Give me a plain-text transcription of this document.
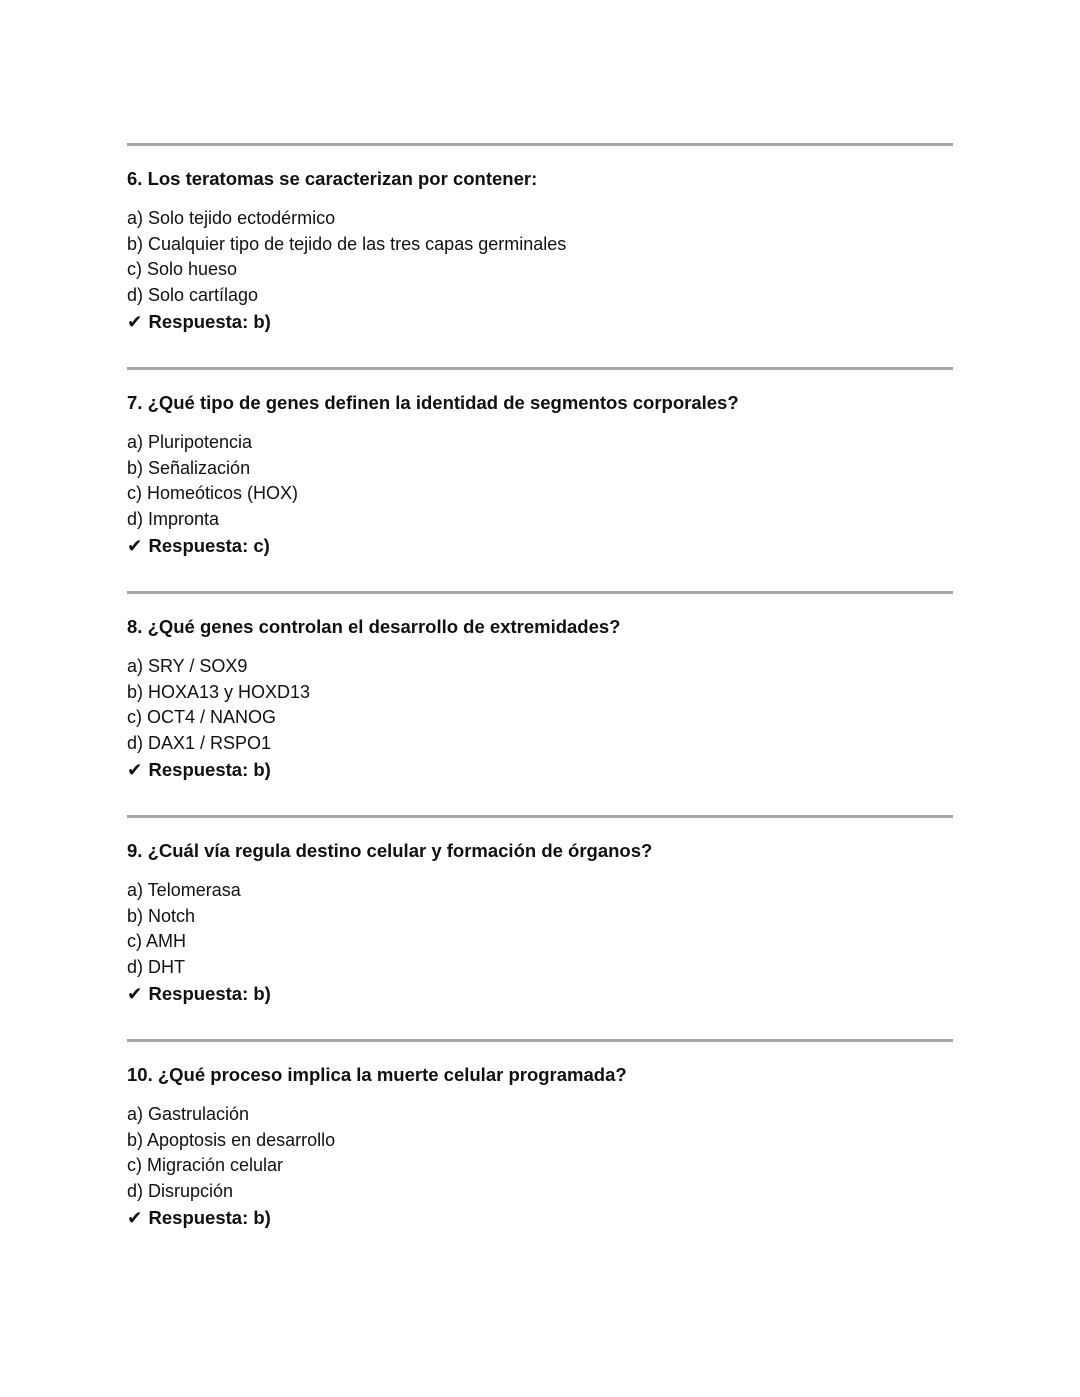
6. Los teratomas se caracterizan por contener:
a) Solo tejido ectodérmico
b) Cualquier tipo de tejido de las tres capas germinales
c) Solo hueso
d) Solo cartílago
✔ Respuesta: b)
7. ¿Qué tipo de genes definen la identidad de segmentos corporales?
a) Pluripotencia
b) Señalización
c) Homeóticos (HOX)
d) Impronta
✔ Respuesta: c)
8. ¿Qué genes controlan el desarrollo de extremidades?
a) SRY / SOX9
b) HOXA13 y HOXD13
c) OCT4 / NANOG
d) DAX1 / RSPO1
✔ Respuesta: b)
9. ¿Cuál vía regula destino celular y formación de órganos?
a) Telomerasa
b) Notch
c) AMH
d) DHT
✔ Respuesta: b)
10. ¿Qué proceso implica la muerte celular programada?
a) Gastrulación
b) Apoptosis en desarrollo
c) Migración celular
d) Disrupción
✔ Respuesta: b)
